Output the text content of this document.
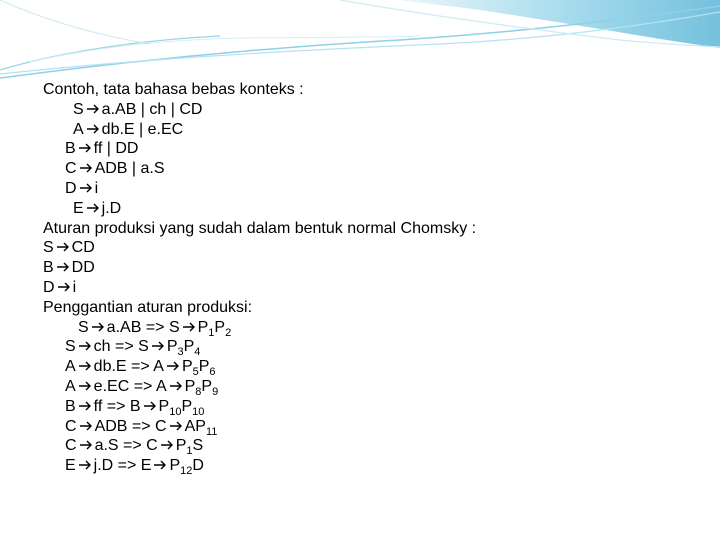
Contoh, tata bahasa bebas konteks :
S a.AB | ch | CD
A db.E | e.EC
B ff | DD
C ADB | a.S
D i
E j.D
Aturan produksi yang sudah dalam bentuk normal Chomsky :
S CD
B DD
D i
Penggantian aturan produksi:
S a.AB => S $P_1P_2$
S ch => S $P_3P_4$
A db.E => A $P_5P_6$
A e.EC => A $P_8P_9$
B ff => B $P_{10}P_{10}$
C ADB => C $AP_{11}$
C a.S => C $P_1S$
E j.D => E $P_{12}D$
